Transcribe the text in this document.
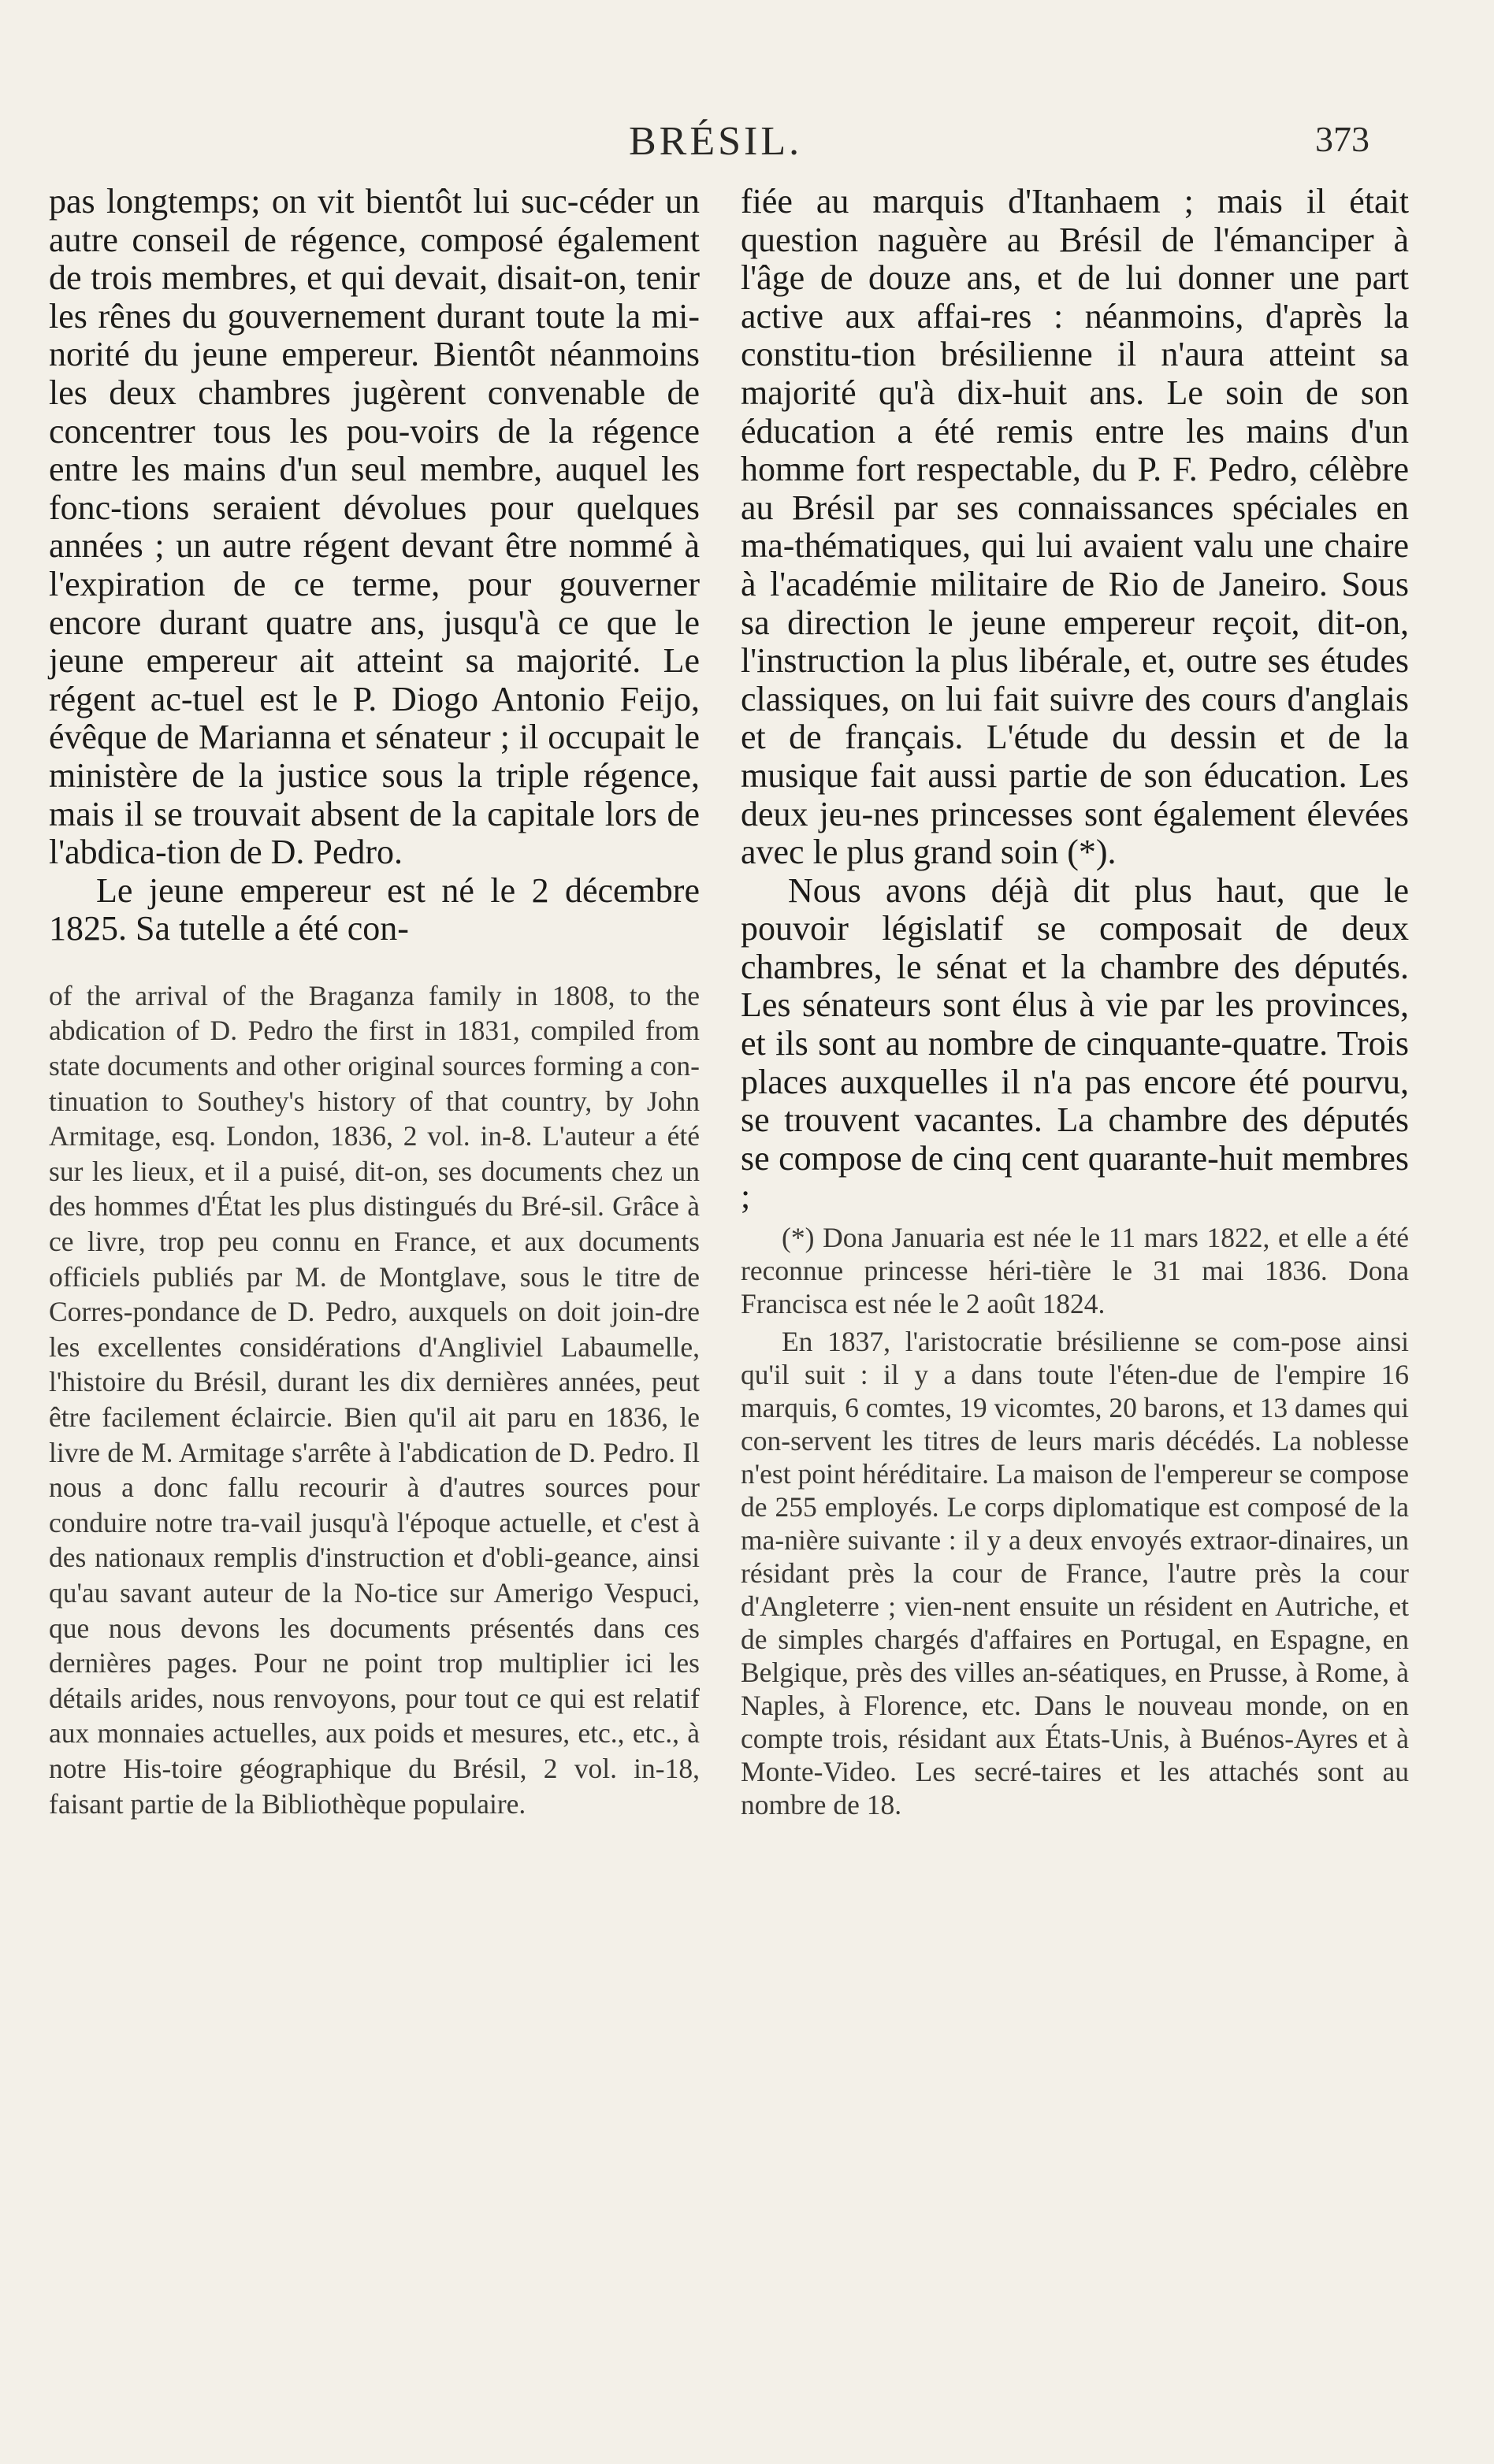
BRÉSIL.	373

pas longtemps; on vit bientôt lui suc-céder un autre conseil de régence, composé également de trois membres, et qui devait, disait-on, tenir les rênes du gouvernement durant toute la mi-norité du jeune empereur. Bientôt néanmoins les deux chambres jugèrent convenable de concentrer tous les pou-voirs de la régence entre les mains d'un seul membre, auquel les fonc-tions seraient dévolues pour quelques années ; un autre régent devant être nommé à l'expiration de ce terme, pour gouverner encore durant quatre ans, jusqu'à ce que le jeune empereur ait atteint sa majorité. Le régent ac-tuel est le P. Diogo Antonio Feijo, évêque de Marianna et sénateur ; il occupait le ministère de la justice sous la triple régence, mais il se trouvait absent de la capitale lors de l'abdica-tion de D. Pedro.

Le jeune empereur est né le 2 décembre 1825. Sa tutelle a été con-

of the arrival of the Braganza family in 1808, to the abdication of D. Pedro the first in 1831, compiled from state documents and other original sources forming a con-tinuation to Southey's history of that country, by John Armitage, esq. London, 1836, 2 vol. in-8. L'auteur a été sur les lieux, et il a puisé, dit-on, ses documents chez un des hommes d'État les plus distingués du Bré-sil. Grâce à ce livre, trop peu connu en France, et aux documents officiels publiés par M. de Montglave, sous le titre de Corres-pondance de D. Pedro, auxquels on doit join-dre les excellentes considérations d'Angliviel Labaumelle, l'histoire du Brésil, durant les dix dernières années, peut être facilement éclaircie. Bien qu'il ait paru en 1836, le livre de M. Armitage s'arrête à l'abdication de D. Pedro. Il nous a donc fallu recourir à d'autres sources pour conduire notre tra-vail jusqu'à l'époque actuelle, et c'est à des nationaux remplis d'instruction et d'obli-geance, ainsi qu'au savant auteur de la No-tice sur Amerigo Vespuci, que nous devons les documents présentés dans ces dernières pages. Pour ne point trop multiplier ici les détails arides, nous renvoyons, pour tout ce qui est relatif aux monnaies actuelles, aux poids et mesures, etc., etc., à notre His-toire géographique du Brésil, 2 vol. in-18, faisant partie de la Bibliothèque populaire.

fiée au marquis d'Itanhaem ; mais il était question naguère au Brésil de l'émanciper à l'âge de douze ans, et de lui donner une part active aux affai-res : néanmoins, d'après la constitu-tion brésilienne il n'aura atteint sa majorité qu'à dix-huit ans. Le soin de son éducation a été remis entre les mains d'un homme fort respectable, du P. F. Pedro, célèbre au Brésil par ses connaissances spéciales en ma-thématiques, qui lui avaient valu une chaire à l'académie militaire de Rio de Janeiro. Sous sa direction le jeune empereur reçoit, dit-on, l'instruction la plus libérale, et, outre ses études classiques, on lui fait suivre des cours d'anglais et de français. L'étude du dessin et de la musique fait aussi partie de son éducation. Les deux jeu-nes princesses sont également élevées avec le plus grand soin (*).

Nous avons déjà dit plus haut, que le pouvoir législatif se composait de deux chambres, le sénat et la chambre des députés. Les sénateurs sont élus à vie par les provinces, et ils sont au nombre de cinquante-quatre. Trois places auxquelles il n'a pas encore été pourvu, se trouvent vacantes. La chambre des députés se compose de cinq cent quarante-huit membres ;

(*) Dona Januaria est née le 11 mars 1822, et elle a été reconnue princesse héri-tière le 31 mai 1836. Dona Francisca est née le 2 août 1824.

En 1837, l'aristocratie brésilienne se com-pose ainsi qu'il suit : il y a dans toute l'éten-due de l'empire 16 marquis, 6 comtes, 19 vicomtes, 20 barons, et 13 dames qui con-servent les titres de leurs maris décédés. La noblesse n'est point héréditaire. La maison de l'empereur se compose de 255 employés. Le corps diplomatique est composé de la ma-nière suivante : il y a deux envoyés extraor-dinaires, un résidant près la cour de France, l'autre près la cour d'Angleterre ; vien-nent ensuite un résident en Autriche, et de simples chargés d'affaires en Portugal, en Espagne, en Belgique, près des villes an-séatiques, en Prusse, à Rome, à Naples, à Florence, etc. Dans le nouveau monde, on en compte trois, résidant aux États-Unis, à Buénos-Ayres et à Monte-Video. Les secré-taires et les attachés sont au nombre de 18.
